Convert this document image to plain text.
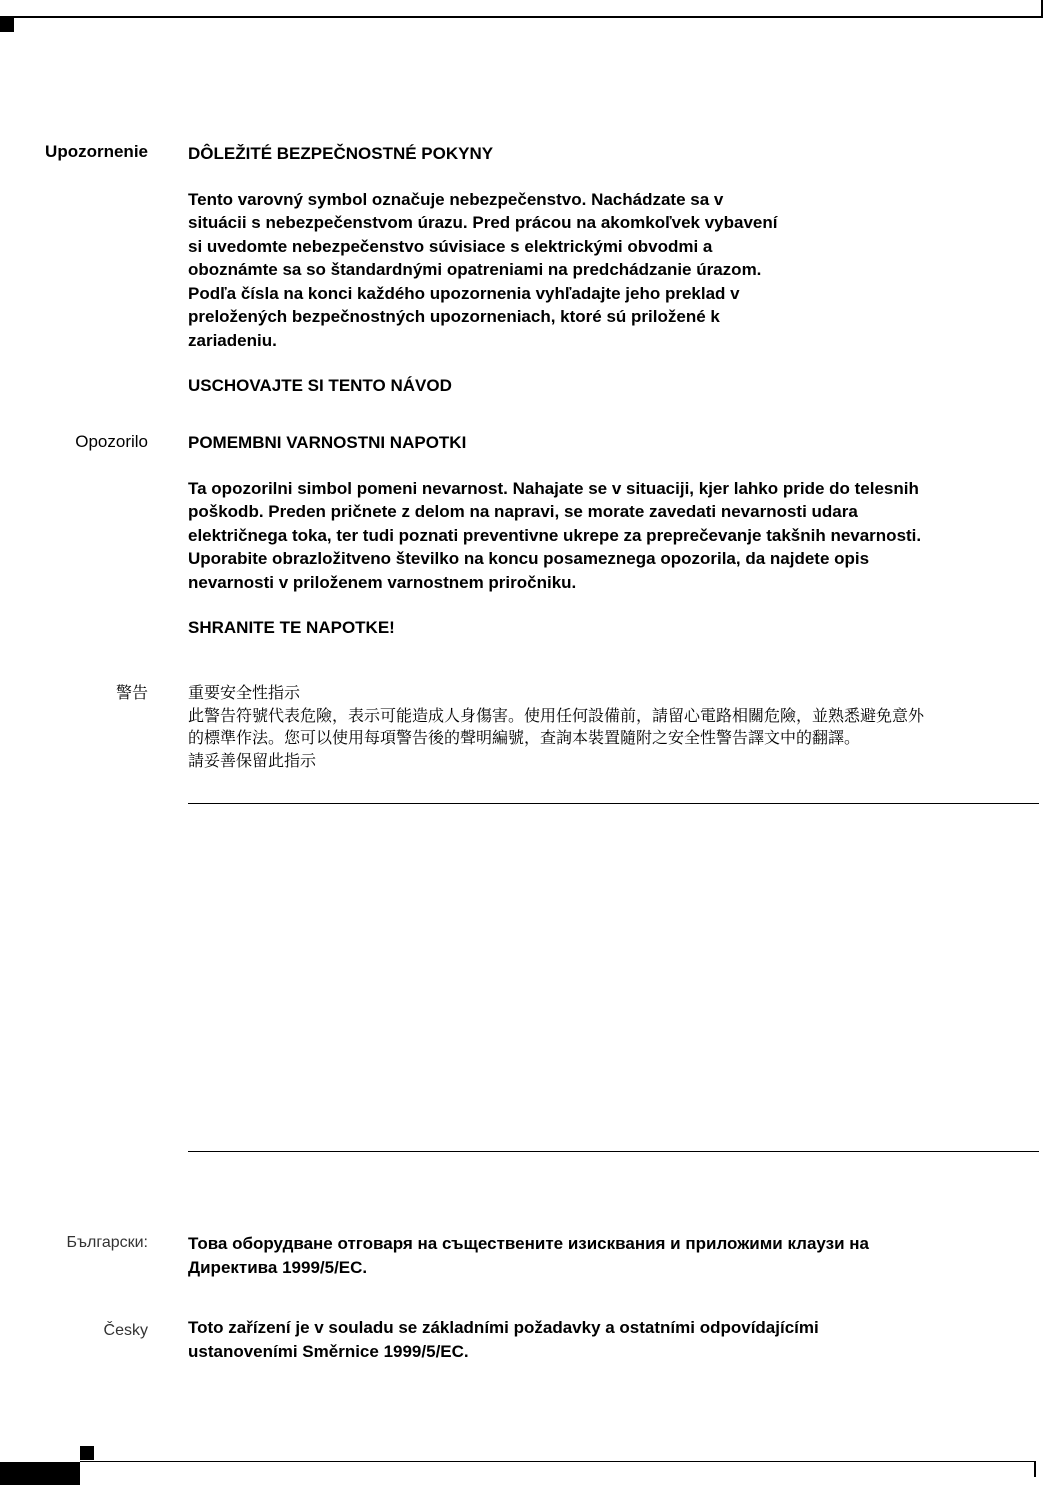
Upozornenie DÔLEŽITÉ BEZPEČNOSTNÉ POKYNY

Tento varovný symbol označuje nebezpečenstvo. Nachádzate sa v

situácii s nebezpečenstvom úrazu. Pred prácou na akomkoľvek vybavení

si uvedomte nebezpečenstvo súvisiace s elektrickými obvodmi a

oboznámte sa so štandardnými opatreniami na predchádzanie úrazom.

Podľa čísla na konci každého upozornenia vyhľadajte jeho preklad v

preložených bezpečnostných upozorneniach, ktoré sú priložené k

zariadeniu.

USCHOVAJTE SI TENTO NÁVOD

Opozorilo POMEMBNI VARNOSTNI NAPOTKI

Ta opozorilni simbol pomeni nevarnost. Nahajate se v situaciji, kjer lahko pride do telesnih

poškodb. Preden pričnete z delom na napravi, se morate zavedati nevarnosti udara

električnega toka, ter tudi poznati preventivne ukrepe za preprečevanje takšnih nevarnosti.

Uporabite obrazložitveno številko na koncu posameznega opozorila, da najdete opis

nevarnosti v priloženem varnostnem priročniku.

SHRANITE TE NAPOTKE!

警告	重要安全性指示

此警告符號代表危險，表示可能造成人身傷害。使用任何設備前，請留心電路相關危險，並熟悉避免意外

的標準作法。您可以使用每項警告後的聲明編號，查詢本裝置隨附之安全性警告譯文中的翻譯。

請妥善保留此指示

Български: Това оборудване отговаря на съществените изисквания и приложими клаузи на

Директива 1999/5/EC.

Česky Toto zařízení je v souladu se základními požadavky a ostatními odpovídajícími

ustanoveními Směrnice 1999/5/EC.
